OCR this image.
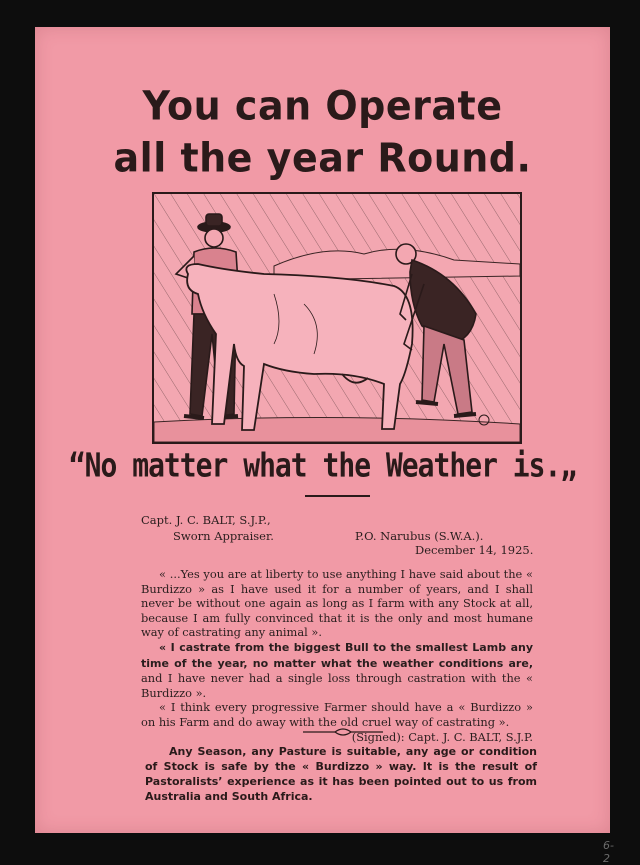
You can Operate
all the year Round.
“No matter what the Weather is.„
Capt. J. C. BALT, S.J.P.,
Sworn Appraiser.	P.O. Narubus (S.W.A.).
December 14, 1925.

« ...Yes you are at liberty to use anything I have said about the « Burdizzo » as I have used it for a number of years, and I shall never be without one again as long as I farm with any Stock at all, because I am fully convinced that it is the only and most humane way of castrating any animal ».

« I castrate from the biggest Bull to the smallest Lamb any time of the year, no matter what the weather conditions are, and I have never had a single loss through castration with the « Burdizzo ».

« I think every progressive Farmer should have a « Burdizzo » on his Farm and do away with the old cruel way of castrating ».

(Signed): Capt. J. C. BALT, S.J.P.
Any Season, any Pasture is suitable, any age or condition of Stock is safe by the « Burdizzo » way. It is the result of Pastoralists’ experience as it has been pointed out to us from Australia and South Africa.
6-2
